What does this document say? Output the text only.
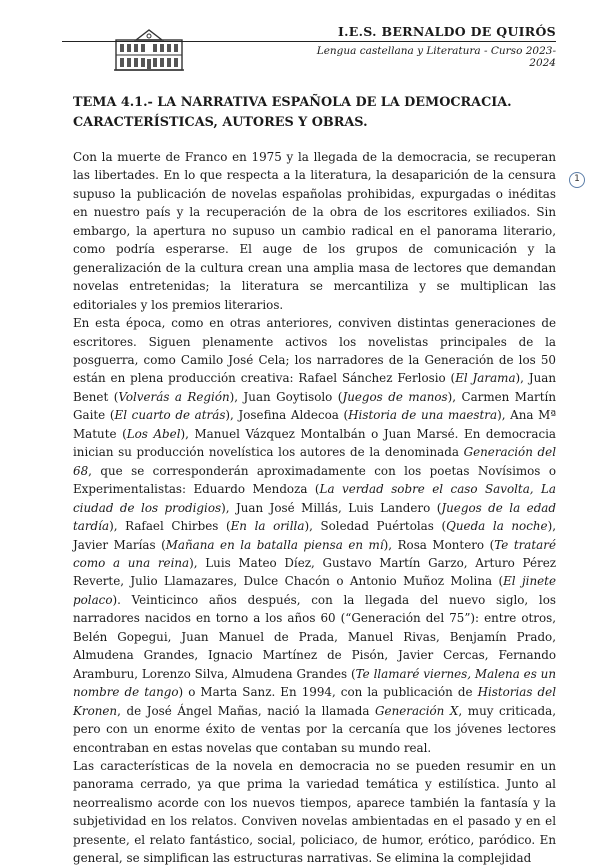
I.E.S. BERNALDO DE QUIRÓS
Lengua castellana y Literatura - Curso 2023-2024
TEMA 4.1.- LA NARRATIVA ESPAÑOLA DE LA DEMOCRACIA.
CARACTERÍSTICAS, AUTORES Y OBRAS.
1

Con la muerte de Franco en 1975 y la llegada de la democracia, se recuperan las libertades. En lo que respecta a la literatura, la desaparición de la censura supuso la publicación de novelas españolas prohibidas, expurgadas o inéditas en nuestro país y la recuperación de la obra de los escritores exiliados. Sin embargo, la apertura no supuso un cambio radical en el panorama literario, como podría esperarse. El auge de los grupos de comunicación y la generalización de la cultura crean una amplia masa de lectores que demandan novelas entretenidas; la literatura se mercantiliza y se multiplican las editoriales y los premios literarios.

En esta época, como en otras anteriores, conviven distintas generaciones de escritores. Siguen plenamente activos los novelistas principales de la posguerra, como Camilo José Cela; los narradores de la Generación de los 50 están en plena producción creativa: Rafael Sánchez Ferlosio (El Jarama), Juan Benet (Volverás a Región), Juan Goytisolo (Juegos de manos), Carmen Martín Gaite (El cuarto de atrás), Josefina Aldecoa (Historia de una maestra), Ana Mª Matute (Los Abel), Manuel Vázquez Montalbán o Juan Marsé. En democracia inician su producción novelística los autores de la denominada Generación del 68, que se corresponderán aproximadamente con los poetas Novísimos o Experimentalistas: Eduardo Mendoza (La verdad sobre el caso Savolta, La ciudad de los prodigios), Juan José Millás, Luis Landero (Juegos de la edad tardía), Rafael Chirbes (En la orilla), Soledad Puértolas (Queda la noche), Javier Marías (Mañana en la batalla piensa en mí), Rosa Montero (Te trataré como a una reina), Luis Mateo Díez, Gustavo Martín Garzo, Arturo Pérez Reverte, Julio Llamazares, Dulce Chacón o Antonio Muñoz Molina (El jinete polaco). Veinticinco años después, con la llegada del nuevo siglo, los narradores nacidos en torno a los años 60 (“Generación del 75”): entre otros, Belén Gopegui, Juan Manuel de Prada, Manuel Rivas, Benjamín Prado, Almudena Grandes, Ignacio Martínez de Pisón, Javier Cercas, Fernando Aramburu, Lorenzo Silva, Almudena Grandes (Te llamaré viernes, Malena es un nombre de tango) o Marta Sanz. En 1994, con la publicación de Historias del Kronen, de José Ángel Mañas, nació la llamada Generación X, muy criticada, pero con un enorme éxito de ventas por la cercanía que los jóvenes lectores encontraban en estas novelas que contaban su mundo real.

Las características de la novela en democracia no se pueden resumir en un panorama cerrado, ya que prima la variedad temática y estilística. Junto al neorrealismo acorde con los nuevos tiempos, aparece también la fantasía y la subjetividad en los relatos. Conviven novelas ambientadas en el pasado y en el presente, el relato fantástico, social, policiaco, de humor, erótico, paródico. En general, se simplifican las estructuras narrativas. Se elimina la complejidad
